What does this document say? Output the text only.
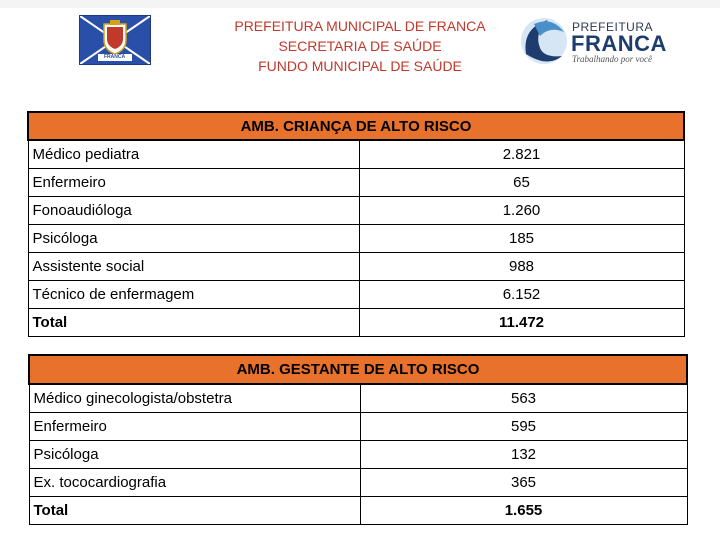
FRANCA
PREFEITURA MUNICIPAL DE FRANCA
SECRETARIA DE SAÚDE
FUNDO MUNICIPAL DE SAÚDE
PREFEITURA
FRANCA
Trabalhando por você
AMB. CRIANÇA DE ALTO RISCO	
Médico pediatra	2.821
Enfermeiro	65
Fonoaudióloga	1.260
Psicóloga	185
Assistente social	988
Técnico de enfermagem	6.152
Total	11.472
AMB. GESTANTE DE ALTO RISCO	
Médico ginecologista/obstetra	563
Enfermeiro	595
Psicóloga	132
Ex. tococardiografia	365
Total	1.655
